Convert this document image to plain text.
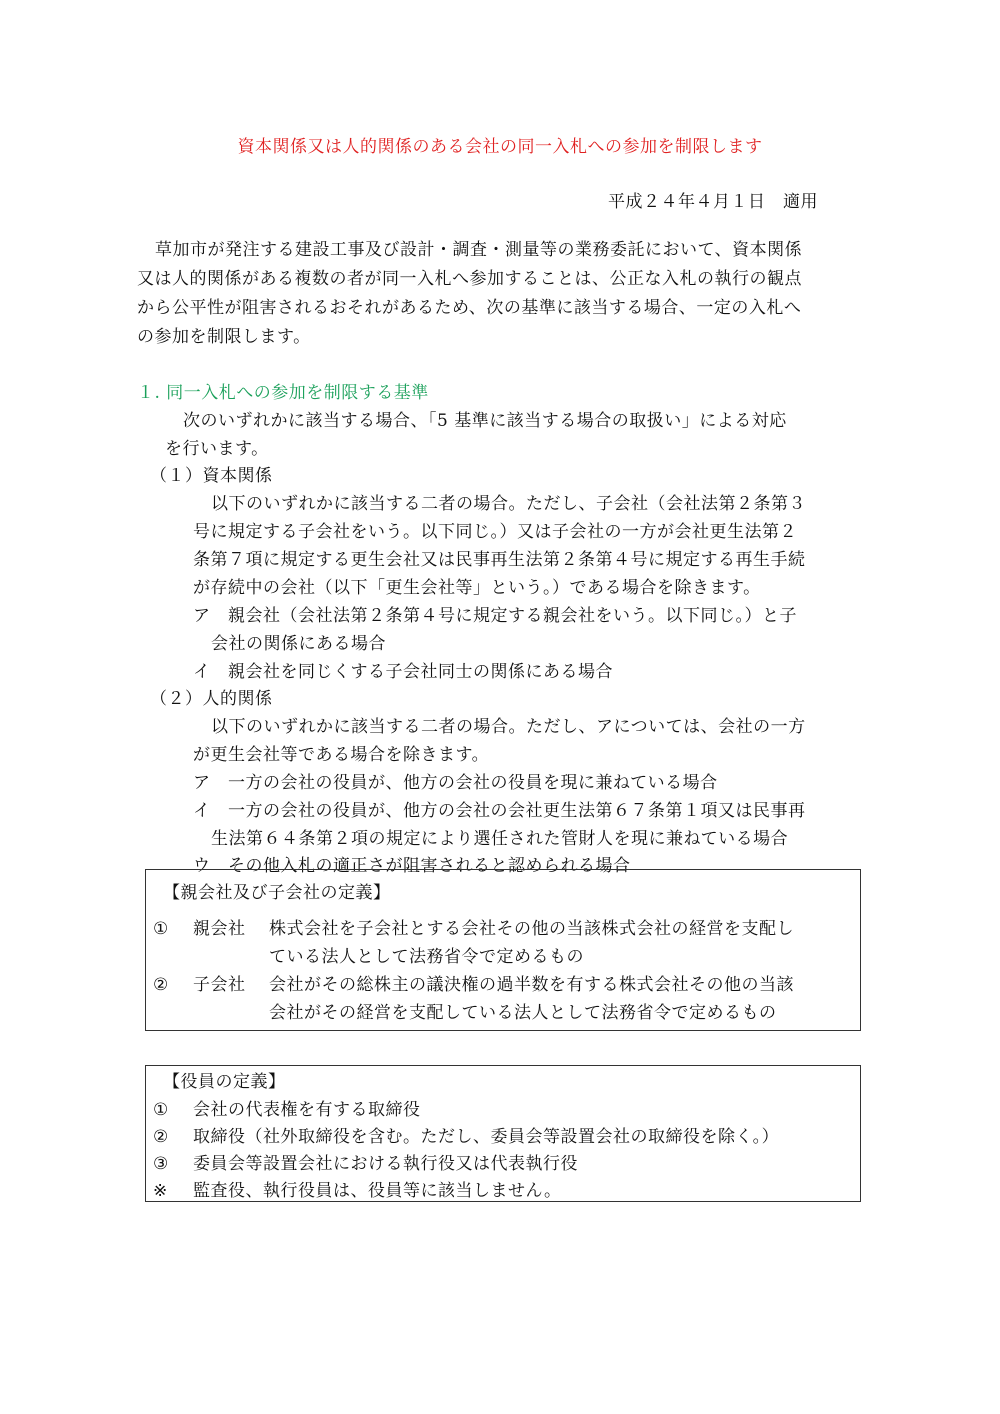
資本関係又は人的関係のある会社の同一入札への参加を制限します
平成２４年４月１日　適用
草加市が発注する建設工事及び設計・調査・測量等の業務委託において、資本関係
又は人的関係がある複数の者が同一入札へ参加することは、公正な入札の執行の観点
から公平性が阻害されるおそれがあるため、次の基準に該当する場合、一定の入札へ
の参加を制限します。
１. 同一入札への参加を制限する基準
次のいずれかに該当する場合、「5 基準に該当する場合の取扱い」による対応
を行います。
（１）資本関係
以下のいずれかに該当する二者の場合。ただし、子会社（会社法第２条第３
号に規定する子会社をいう。以下同じ。）又は子会社の一方が会社更生法第２
条第７項に規定する更生会社又は民事再生法第２条第４号に規定する再生手続
が存続中の会社（以下「更生会社等」という。）である場合を除きます。
ア　親会社（会社法第２条第４号に規定する親会社をいう。以下同じ。）と子
会社の関係にある場合
イ　親会社を同じくする子会社同士の関係にある場合
（２）人的関係
以下のいずれかに該当する二者の場合。ただし、アについては、会社の一方
が更生会社等である場合を除きます。
ア　一方の会社の役員が、他方の会社の役員を現に兼ねている場合
イ　一方の会社の役員が、他方の会社の会社更生法第６７条第１項又は民事再
生法第６４条第２項の規定により選任された管財人を現に兼ねている場合
ウ　その他入札の適正さが阻害されると認められる場合
【親会社及び子会社の定義】
① 親会社 株式会社を子会社とする会社その他の当該株式会社の経営を支配し
ている法人として法務省令で定めるもの
② 子会社 会社がその総株主の議決権の過半数を有する株式会社その他の当該
会社がその経営を支配している法人として法務省令で定めるもの
【役員の定義】
① 会社の代表権を有する取締役
② 取締役（社外取締役を含む。ただし、委員会等設置会社の取締役を除く。）
③ 委員会等設置会社における執行役又は代表執行役
※ 監査役、執行役員は、役員等に該当しません。
